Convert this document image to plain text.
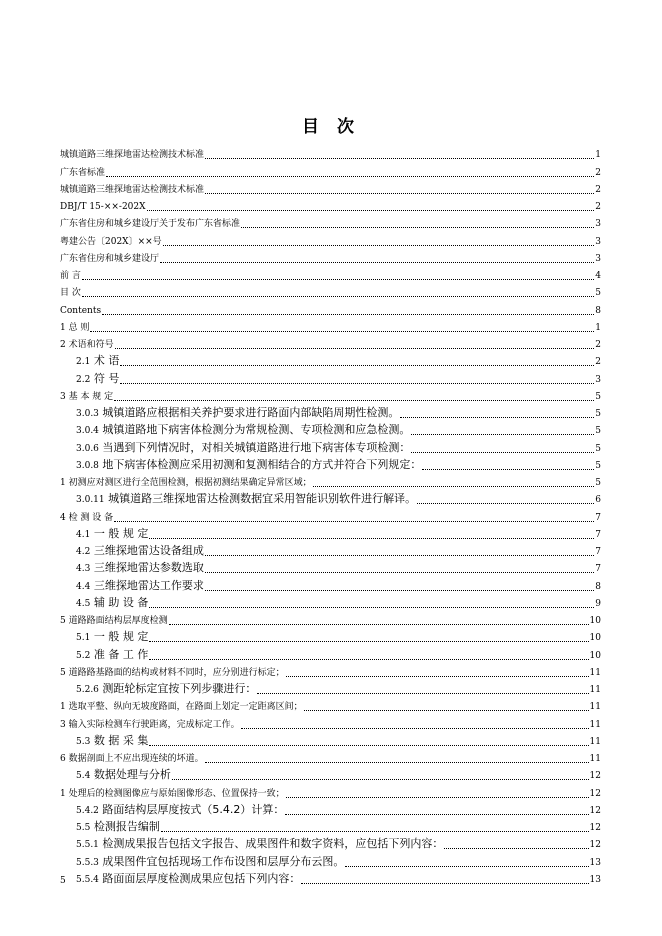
目 次
城镇道路三维探地雷达检测技术标准	1
广东省标准	2
城镇道路三维探地雷达检测技术标准	2
DBJ/T 15-××-202X	2
广东省住房和城乡建设厅关于发布广东省标准	3
粤建公告〔202X〕××号	3
广东省住房和城乡建设厅	3
前 言	4
目 次	5
Contents	8
1 总 则	1
2 术语和符号	2
2.1 术 语	2
2.2 符 号	3
3 基 本 规 定	5
3.0.3 城镇道路应根据相关养护要求进行路面内部缺陷周期性检测。	5
3.0.4 城镇道路地下病害体检测分为常规检测、专项检测和应急检测。	5
3.0.6 当遇到下列情况时，对相关城镇道路进行地下病害体专项检测：	5
3.0.8 地下病害体检测应采用初测和复测相结合的方式并符合下列规定：	5
1 初测应对测区进行全范围检测，根据初测结果确定异常区域；	5
3.0.11 城镇道路三维探地雷达检测数据宜采用智能识别软件进行解译。	6
4 检 测 设 备	7
4.1 一 般 规 定	7
4.2 三维探地雷达设备组成	7
4.3 三维探地雷达参数选取	7
4.4 三维探地雷达工作要求	8
4.5 辅 助 设 备	9
5 道路路面结构层厚度检测	10
5.1 一 般 规 定	10
5.2 准 备 工 作	10
5 道路路基路面的结构或材料不同时，应分别进行标定；	11
5.2.6 测距轮标定宜按下列步骤进行：	11
1 选取平整、纵向无坡度路面，在路面上划定一定距离区间；	11
3 输入实际检测车行驶距离，完成标定工作。	11
5.3 数 据 采 集	11
6 数据剖面上不应出现连续的坏道。	11
5.4 数据处理与分析	12
1 处理后的检测图像应与原始图像形态、位置保持一致；	12
5.4.2 路面结构层厚度按式（5.4.2）计算：	12
5.5 检测报告编制	12
5.5.1 检测成果报告包括文字报告、成果图件和数字资料，应包括下列内容：	12
5.5.3 成果图件宜包括现场工作布设图和层厚分布云图。	13
5.5.4 路面面层厚度检测成果应包括下列内容：	13
5
